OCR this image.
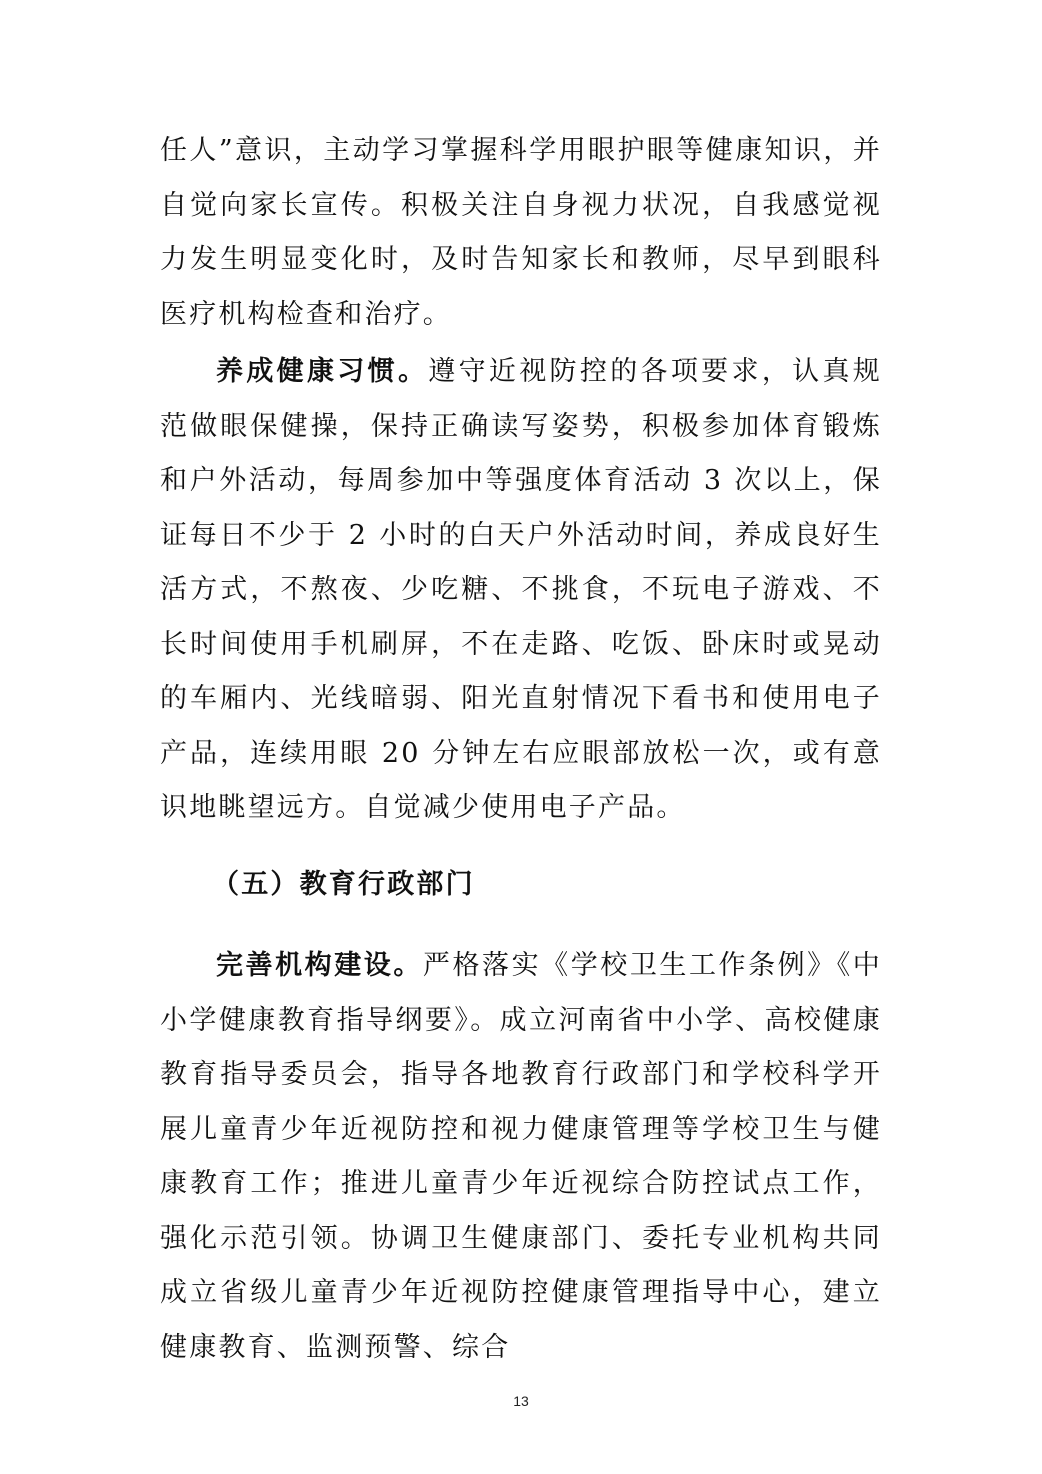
任人”意识，主动学习掌握科学用眼护眼等健康知识，并自觉向家长宣传。积极关注自身视力状况，自我感觉视力发生明显变化时，及时告知家长和教师，尽早到眼科医疗机构检查和治疗。

养成健康习惯。遵守近视防控的各项要求，认真规范做眼保健操，保持正确读写姿势，积极参加体育锻炼和户外活动，每周参加中等强度体育活动 3 次以上，保证每日不少于 2 小时的白天户外活动时间，养成良好生活方式，不熬夜、少吃糖、不挑食，不玩电子游戏、不长时间使用手机刷屏，不在走路、吃饭、卧床时或晃动的车厢内、光线暗弱、阳光直射情况下看书和使用电子产品，连续用眼 20 分钟左右应眼部放松一次，或有意识地眺望远方。自觉减少使用电子产品。

（五）教育行政部门

完善机构建设。严格落实《学校卫生工作条例》《中小学健康教育指导纲要》。成立河南省中小学、高校健康教育指导委员会，指导各地教育行政部门和学校科学开展儿童青少年近视防控和视力健康管理等学校卫生与健康教育工作；推进儿童青少年近视综合防控试点工作，强化示范引领。协调卫生健康部门、委托专业机构共同成立省级儿童青少年近视防控健康管理指导中心，建立健康教育、监测预警、综合

13
